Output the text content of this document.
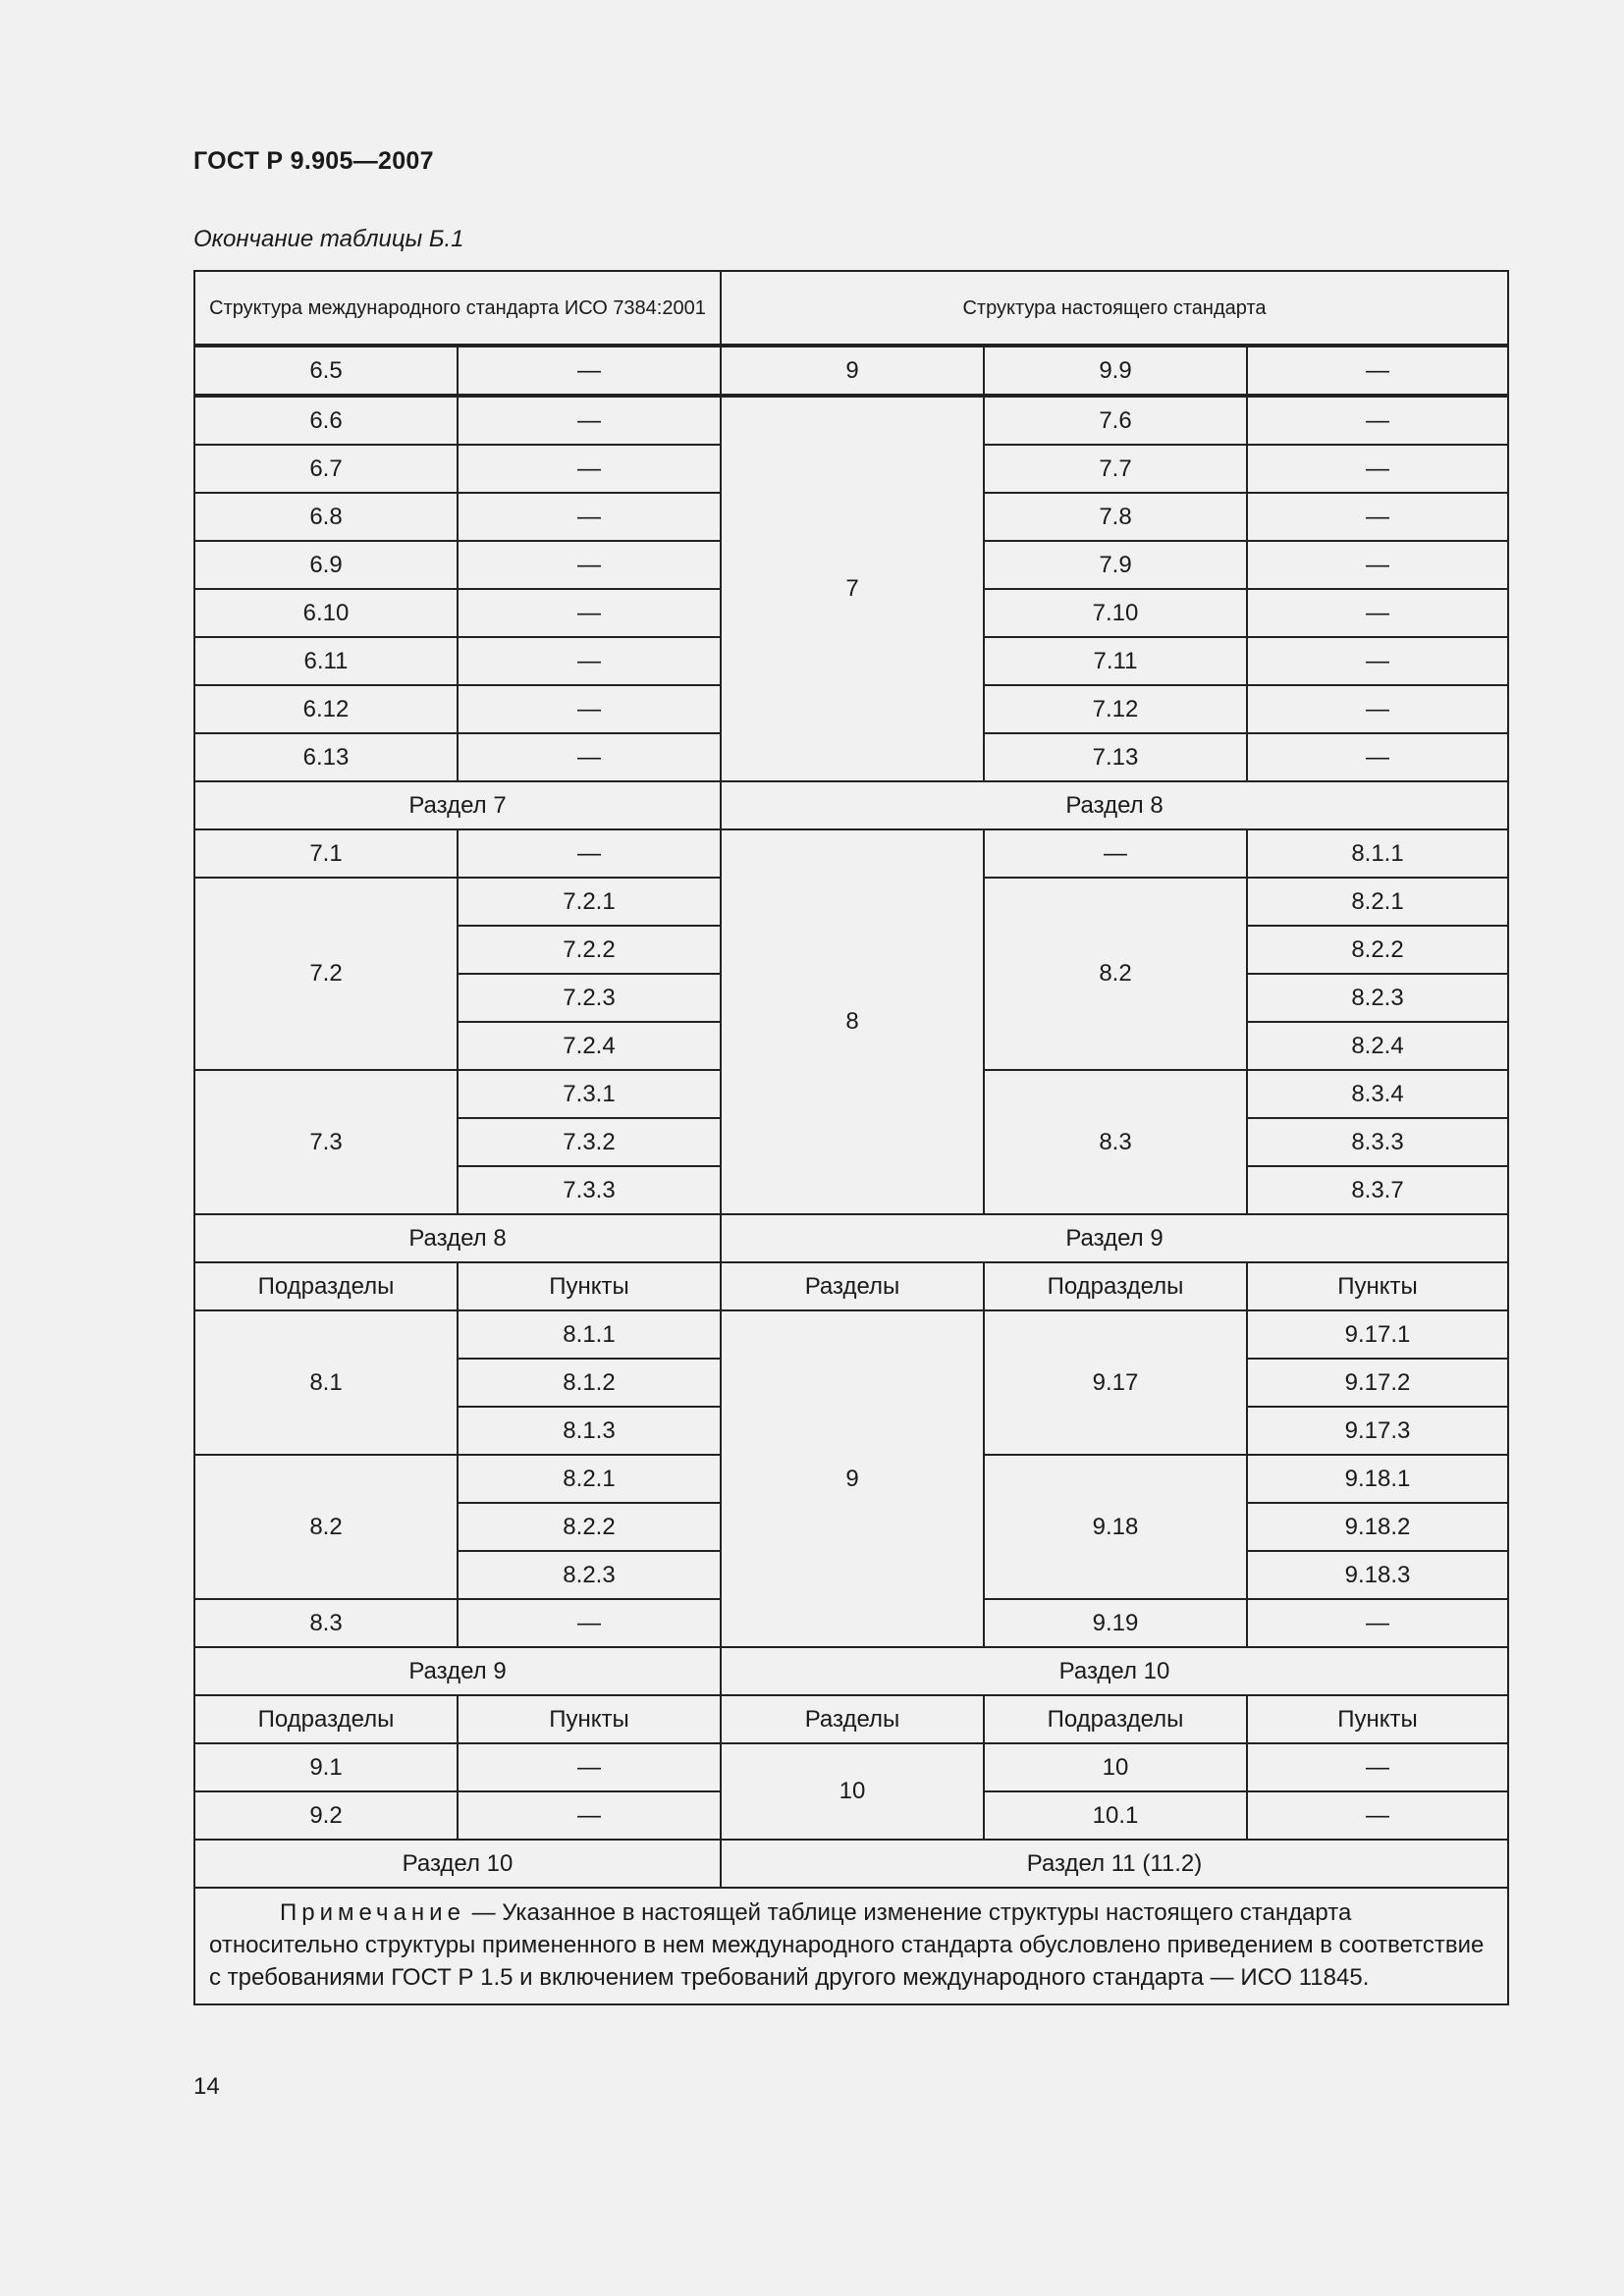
ГОСТ Р 9.905—2007
Окончание таблицы Б.1
Структура международного стандарта ИСО 7384:2001		Структура настоящего стандарта		

6.5	—	9	9.9	—

6.6	—	7	7.6	—
6.7	—		7.7	—
6.8	—		7.8	—
6.9	—		7.9	—
6.10	—		7.10	—
6.11	—		7.11	—
6.12	—		7.12	—
6.13	—		7.13	—
Раздел 7		Раздел 8		
7.1	—	8	—	8.1.1
7.2	7.2.1		8.2	8.2.1
	7.2.2			8.2.2
	7.2.3			8.2.3
	7.2.4			8.2.4
7.3	7.3.1		8.3	8.3.4
	7.3.2			8.3.3
	7.3.3			8.3.7
Раздел 8		Раздел 9		
Подразделы	Пункты	Разделы	Подразделы	Пункты
8.1	8.1.1	9	9.17	9.17.1
	8.1.2			9.17.2
	8.1.3			9.17.3
8.2	8.2.1		9.18	9.18.1
	8.2.2			9.18.2
	8.2.3			9.18.3
8.3	—		9.19	—
Раздел 9		Раздел 10		
Подразделы	Пункты	Разделы	Подразделы	Пункты
9.1	—	10	10	—
9.2	—		10.1	—
Раздел 10		Раздел 11 (11.2)		
Примечание — Указанное в настоящей таблице изменение структуры настоящего стандарта относительно структуры примененного в нем международного стандарта обусловлено приведением в соответствие с требованиями ГОСТ Р 1.5 и включением требований другого международного стандарта — ИСО 11845.				
14
